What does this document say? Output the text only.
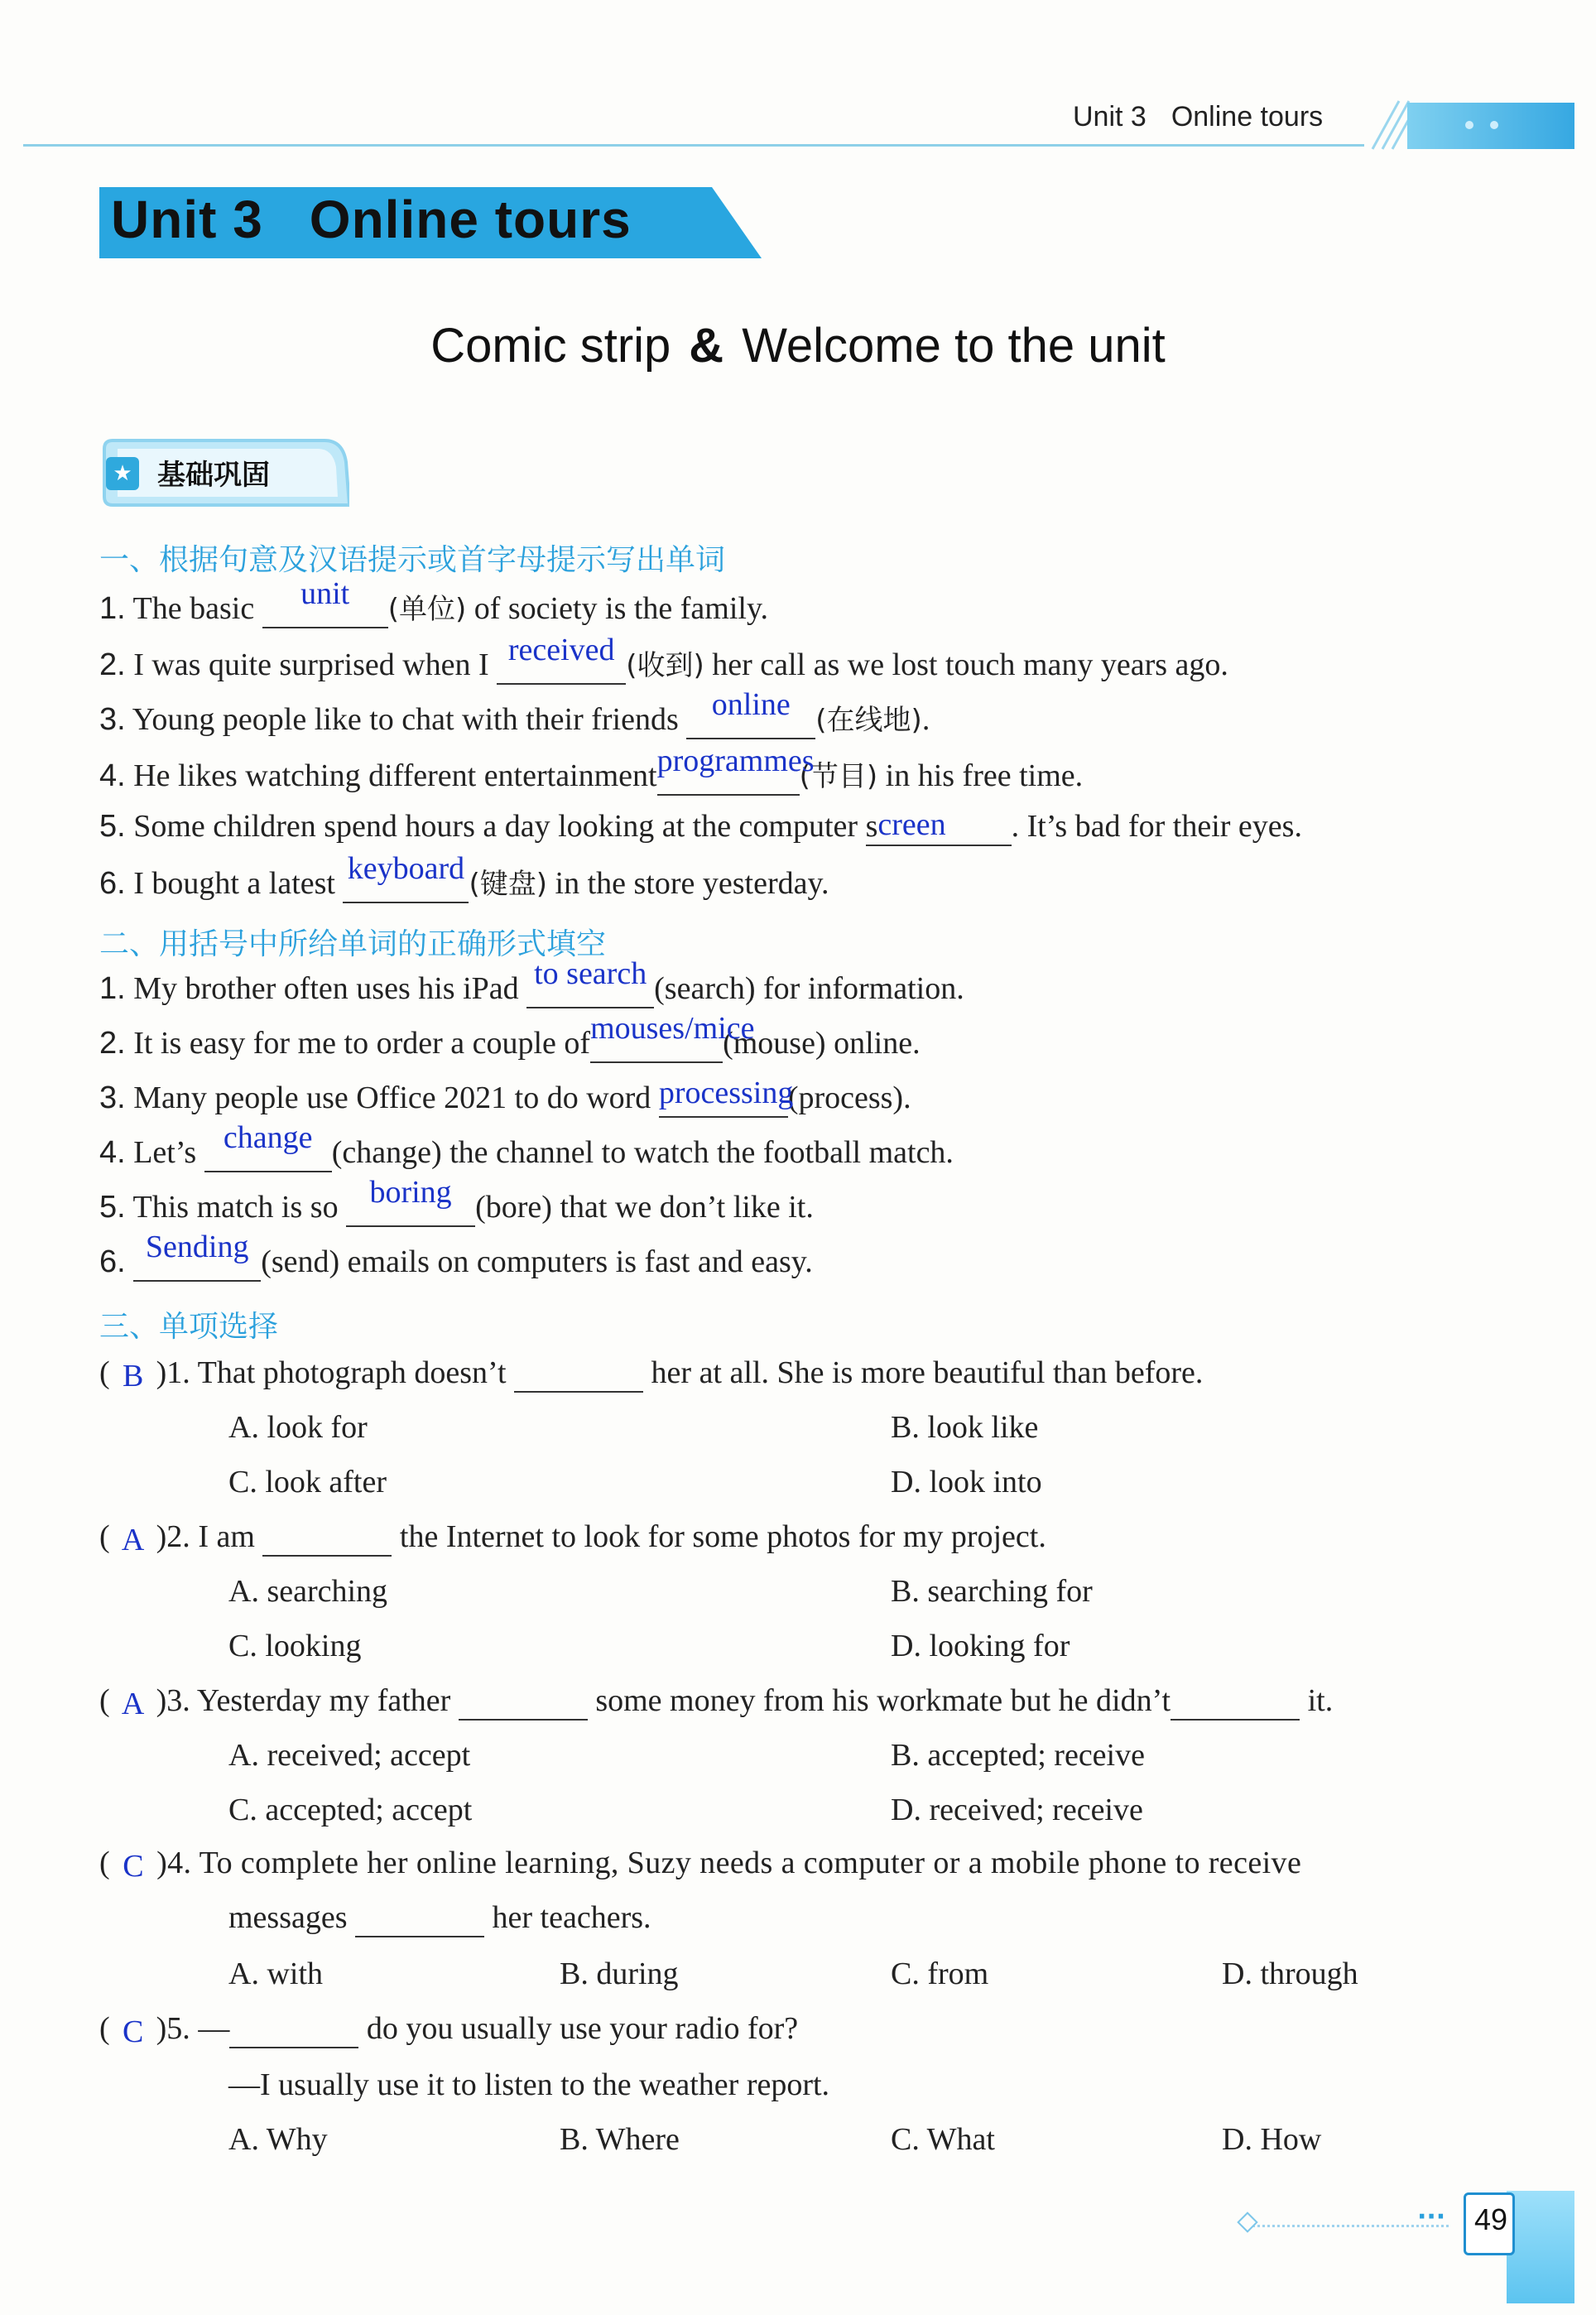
Unit 3 Online tours
Unit 3 Online tours
Comic strip & Welcome to the unit
★ 基础巩固
一、根据句意及汉语提示或首字母提示写出单词
1. The basic unit (单位) of society is the family.
2. I was quite surprised when I received (收到) her call as we lost touch many years ago.
3. Young people like to chat with their friends online (在线地).
4. He likes watching different entertainmentprogrammes(节目) in his free time.
5. Some children spend hours a day looking at the computer screen . It’s bad for their eyes.
6. I bought a latest keyboard (键盘) in the store yesterday.
二、用括号中所给单词的正确形式填空
1. My brother often uses his iPad to search (search) for information.
2. It is easy for me to order a couple ofmouses/mice(mouse) online.
3. Many people use Office 2021 to do word processing(process).
4. Let’s change (change) the channel to watch the football match.
5. This match is so boring (bore) that we don’t like it.
6. Sending (send) emails on computers is fast and easy.
三、单项选择
( B )1. That photograph doesn’t	her at all. She is more beautiful than before.
A. look for	B. look like
C. look after	D. look into
( A )2. I am	the Internet to look for some photos for my project.
A. searching	B. searching for
C. looking	D. looking for
( A )3. Yesterday my father	some money from his workmate but he didn’t	it.
A. received; accept	B. accepted; receive
C. accepted; accept	D. received; receive
( C )4. To complete her online learning, Suzy needs a computer or a mobile phone to receive
messages	her teachers.
A. with	B. during	C. from	D. through
( C )5. —	do you usually use your radio for?
—I usually use it to listen to the weather report.
A. Why	B. Where	C. What	D. How
··· 49
